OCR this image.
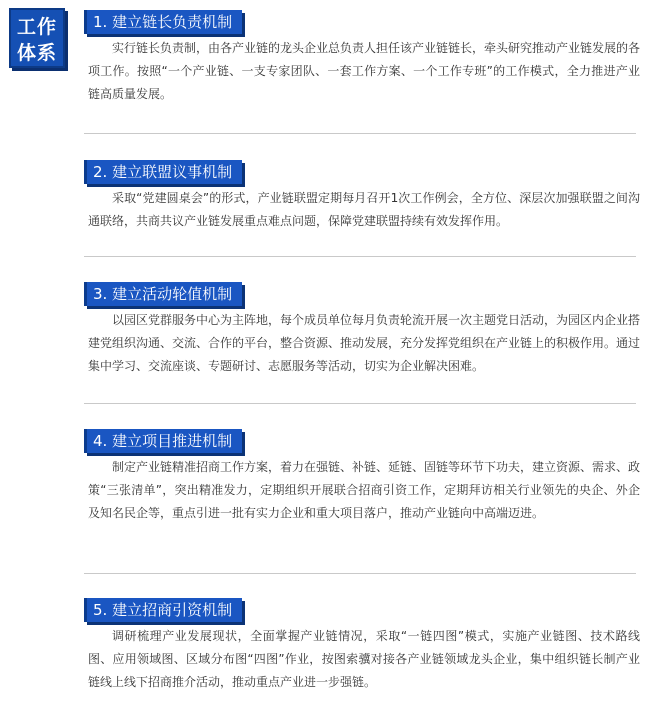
工作
体系
1. 建立链长负责机制
实行链长负责制，由各产业链的龙头企业总负责人担任该产业链链长，牵头研究推动产业链发展的各项工作。按照“一个产业链、一支专家团队、一套工作方案、一个工作专班”的工作模式，全力推进产业链高质量发展。
2. 建立联盟议事机制
采取“党建圆桌会”的形式，产业链联盟定期每月召开1次工作例会，全方位、深层次加强联盟之间沟通联络，共商共议产业链发展重点难点问题，保障党建联盟持续有效发挥作用。
3. 建立活动轮值机制
以园区党群服务中心为主阵地，每个成员单位每月负责轮流开展一次主题党日活动，为园区内企业搭建党组织沟通、交流、合作的平台，整合资源、推动发展，充分发挥党组织在产业链上的积极作用。通过集中学习、交流座谈、专题研讨、志愿服务等活动，切实为企业解决困难。
4. 建立项目推进机制
制定产业链精准招商工作方案，着力在强链、补链、延链、固链等环节下功夫，建立资源、需求、政策“三张清单”，突出精准发力，定期组织开展联合招商引资工作，定期拜访相关行业领先的央企、外企及知名民企等，重点引进一批有实力企业和重大项目落户，推动产业链向中高端迈进。
5. 建立招商引资机制
调研梳理产业发展现状，全面掌握产业链情况，采取“一链四图”模式，实施产业链图、技术路线图、应用领域图、区域分布图“四图”作业，按图索骥对接各产业链领域龙头企业，集中组织链长制产业链线上线下招商推介活动，推动重点产业进一步强链。
